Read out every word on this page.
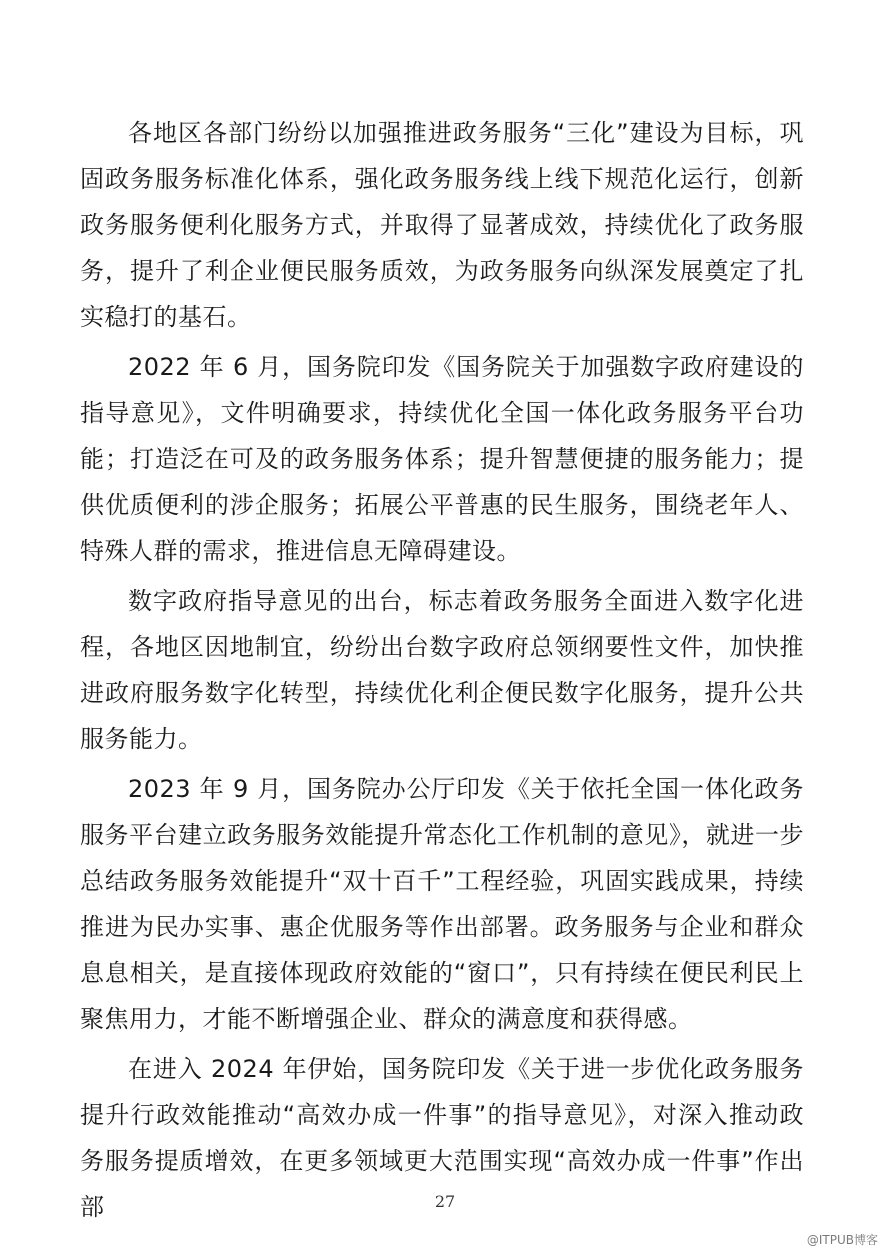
各地区各部门纷纷以加强推进政务服务“三化”建设为目标，巩固政务服务标准化体系，强化政务服务线上线下规范化运行，创新政务服务便利化服务方式，并取得了显著成效，持续优化了政务服务，提升了利企业便民服务质效，为政务服务向纵深发展奠定了扎实稳打的基石。

2022 年 6 月，国务院印发《国务院关于加强数字政府建设的指导意见》，文件明确要求，持续优化全国一体化政务服务平台功能；打造泛在可及的政务服务体系；提升智慧便捷的服务能力；提供优质便利的涉企服务；拓展公平普惠的民生服务，围绕老年人、特殊人群的需求，推进信息无障碍建设。

数字政府指导意见的出台，标志着政务服务全面进入数字化进程，各地区因地制宜，纷纷出台数字政府总领纲要性文件，加快推进政府服务数字化转型，持续优化利企便民数字化服务，提升公共服务能力。

2023 年 9 月，国务院办公厅印发《关于依托全国一体化政务服务平台建立政务服务效能提升常态化工作机制的意见》，就进一步总结政务服务效能提升“双十百千”工程经验，巩固实践成果，持续推进为民办实事、惠企优服务等作出部署。政务服务与企业和群众息息相关，是直接体现政府效能的“窗口”，只有持续在便民利民上聚焦用力，才能不断增强企业、群众的满意度和获得感。

在进入 2024 年伊始，国务院印发《关于进一步优化政务服务提升行政效能推动“高效办成一件事”的指导意见》，对深入推动政务服务提质增效，在更多领域更大范围实现“高效办成一件事”作出部	27
@ITPUB博客
